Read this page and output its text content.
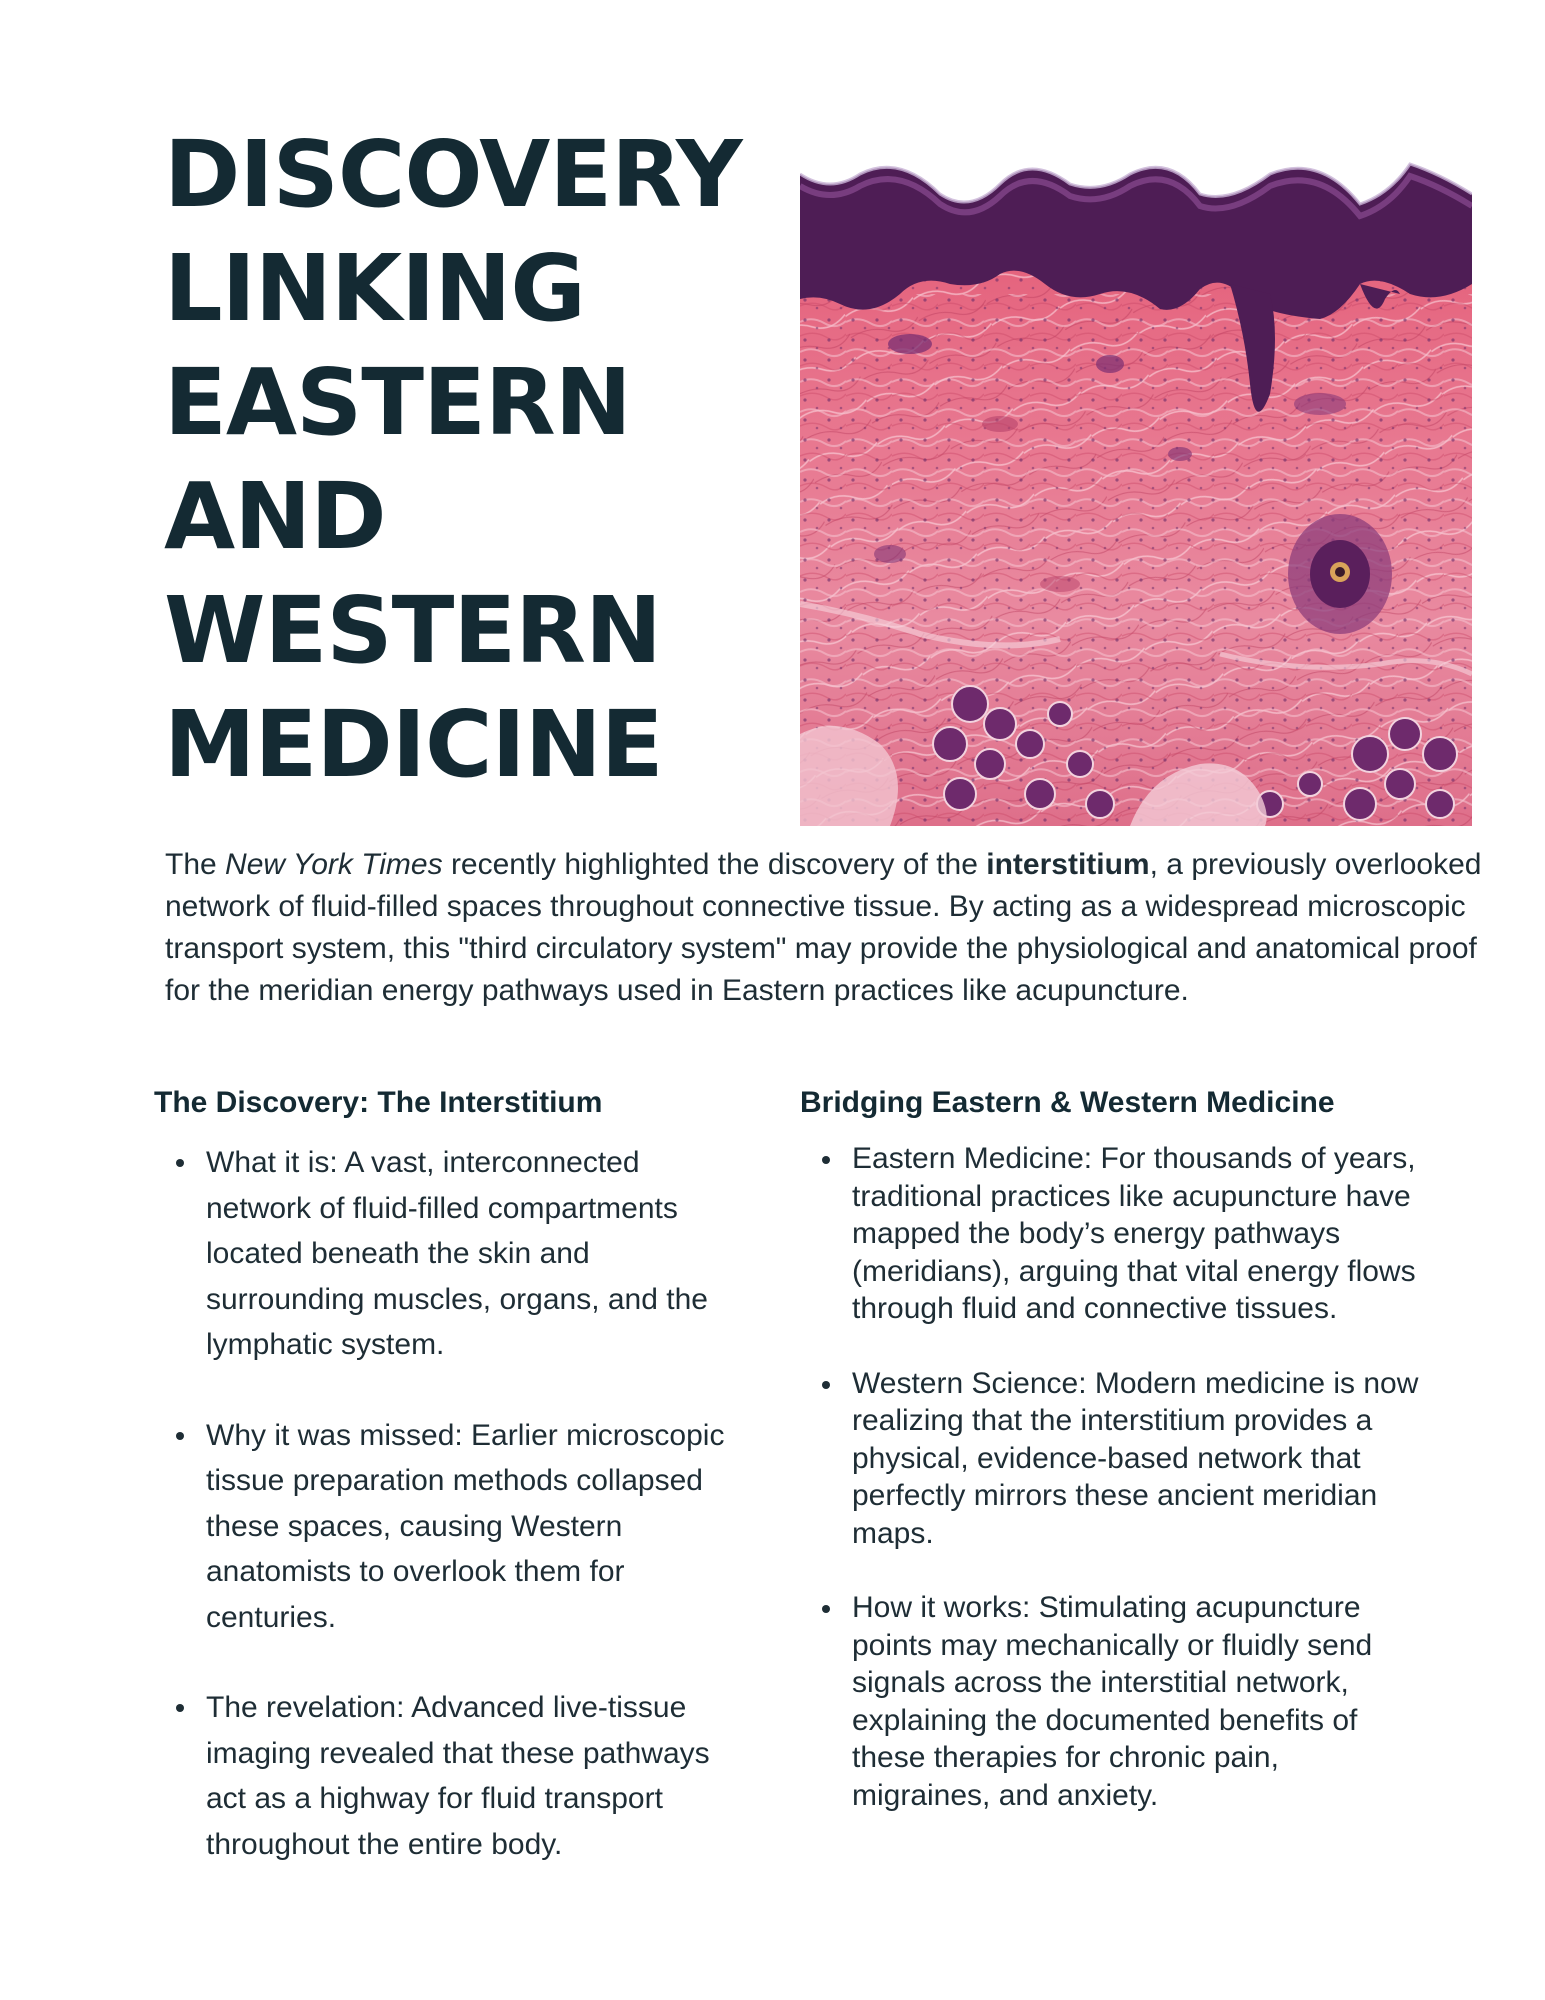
DISCOVERY
LINKING
EASTERN
AND
WESTERN
MEDICINE

The New York Times recently highlighted the discovery of the interstitium, a previously overlooked network of fluid-filled spaces throughout connective tissue. By acting as a widespread microscopic transport system, this "third circulatory system" may provide the physiological and anatomical proof for the meridian energy pathways used in Eastern practices like acupuncture.

The Discovery: The Interstitium
What it is: A vast, interconnected network of fluid-filled compartments located beneath the skin and surrounding muscles, organs, and the lymphatic system.
Why it was missed: Earlier microscopic tissue preparation methods collapsed these spaces, causing Western anatomists to overlook them for centuries.
The revelation: Advanced live-tissue imaging revealed that these pathways act as a highway for fluid transport throughout the entire body.
Bridging Eastern & Western Medicine
Eastern Medicine: For thousands of years, traditional practices like acupuncture have mapped the body’s energy pathways (meridians), arguing that vital energy flows through fluid and connective tissues.
Western Science: Modern medicine is now realizing that the interstitium provides a physical, evidence-based network that perfectly mirrors these ancient meridian maps.
How it works: Stimulating acupuncture points may mechanically or fluidly send signals across the interstitial network, explaining the documented benefits of these therapies for chronic pain, migraines, and anxiety.
